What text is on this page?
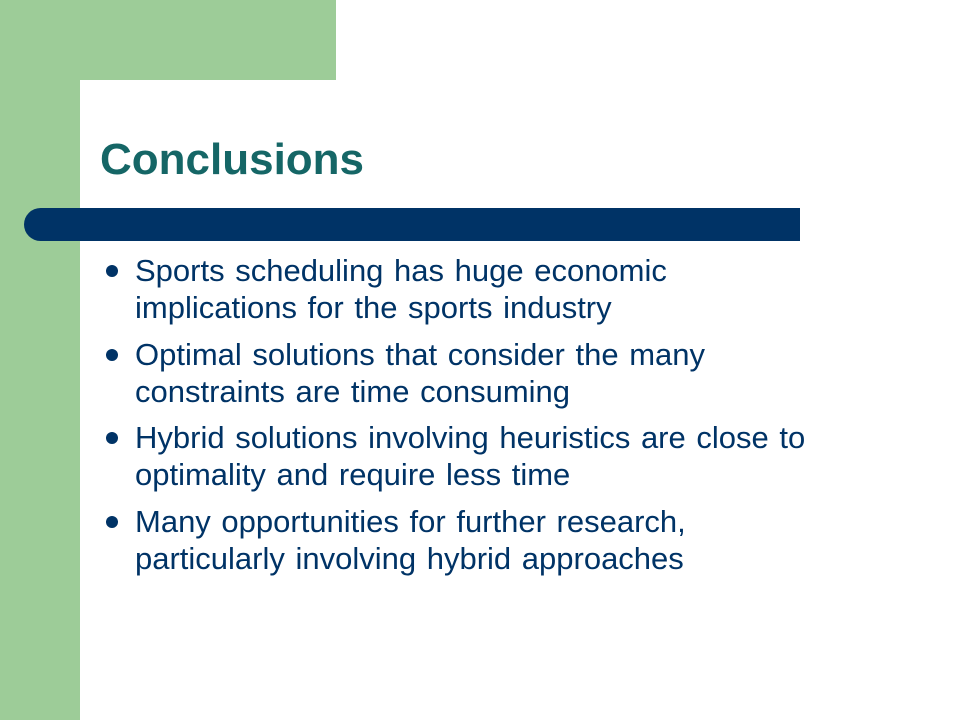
Conclusions
Sports scheduling has huge economic implications for the sports industry
Optimal solutions that consider the many constraints are time consuming
Hybrid solutions involving heuristics are close to optimality and require less time
Many opportunities for further research, particularly involving hybrid approaches
